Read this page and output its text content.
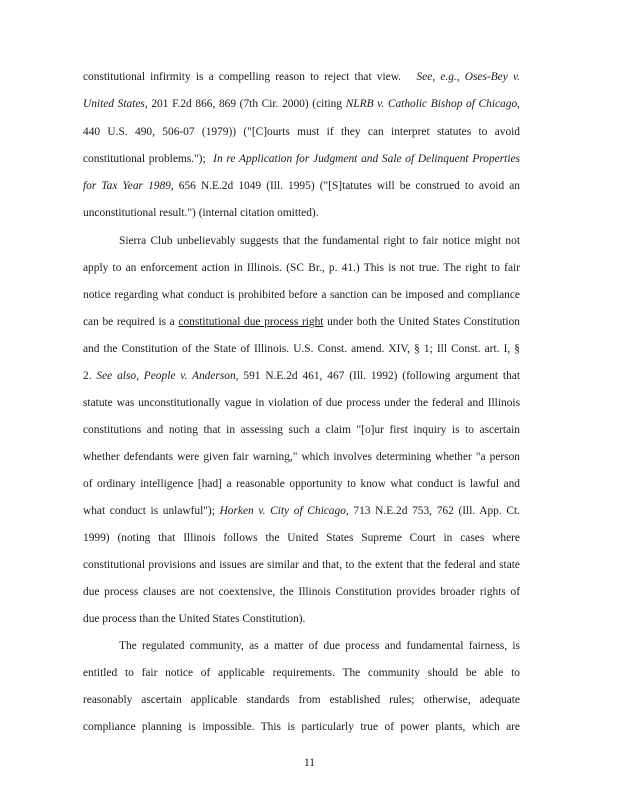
constitutional infirmity is a compelling reason to reject that view. See, e.g., Oses-Bey v.
United States, 201 F.2d 866, 869 (7th Cir. 2000) (citing NLRB v. Catholic Bishop of Chicago,
440 U.S. 490, 506-07 (1979)) ("[C]ourts must if they can interpret statutes to avoid
constitutional problems."); In re Application for Judgment and Sale of Delinquent Properties
for Tax Year 1989, 656 N.E.2d 1049 (Ill. 1995) ("[S]tatutes will be construed to avoid an
unconstitutional result.") (internal citation omitted).
Sierra Club unbelievably suggests that the fundamental right to fair notice might not
apply to an enforcement action in Illinois. (SC Br., p. 41.) This is not true. The right to fair
notice regarding what conduct is prohibited before a sanction can be imposed and compliance
can be required is a constitutional due process right under both the United States Constitution
and the Constitution of the State of Illinois. U.S. Const. amend. XIV, § 1; Ill Const. art. I, §
2. See also, People v. Anderson, 591 N.E.2d 461, 467 (Ill. 1992) (following argument that
statute was unconstitutionally vague in violation of due process under the federal and Illinois
constitutions and noting that in assessing such a claim "[o]ur first inquiry is to ascertain
whether defendants were given fair warning," which involves determining whether "a person
of ordinary intelligence [had] a reasonable opportunity to know what conduct is lawful and
what conduct is unlawful"); Horken v. City of Chicago, 713 N.E.2d 753, 762 (Ill. App. Ct.
1999) (noting that Illinois follows the United States Supreme Court in cases where
constitutional provisions and issues are similar and that, to the extent that the federal and state
due process clauses are not coextensive, the Illinois Constitution provides broader rights of
due process than the United States Constitution).
The regulated community, as a matter of due process and fundamental fairness, is
entitled to fair notice of applicable requirements. The community should be able to
reasonably ascertain applicable standards from established rules; otherwise, adequate
compliance planning is impossible. This is particularly true of power plants, which are
11
